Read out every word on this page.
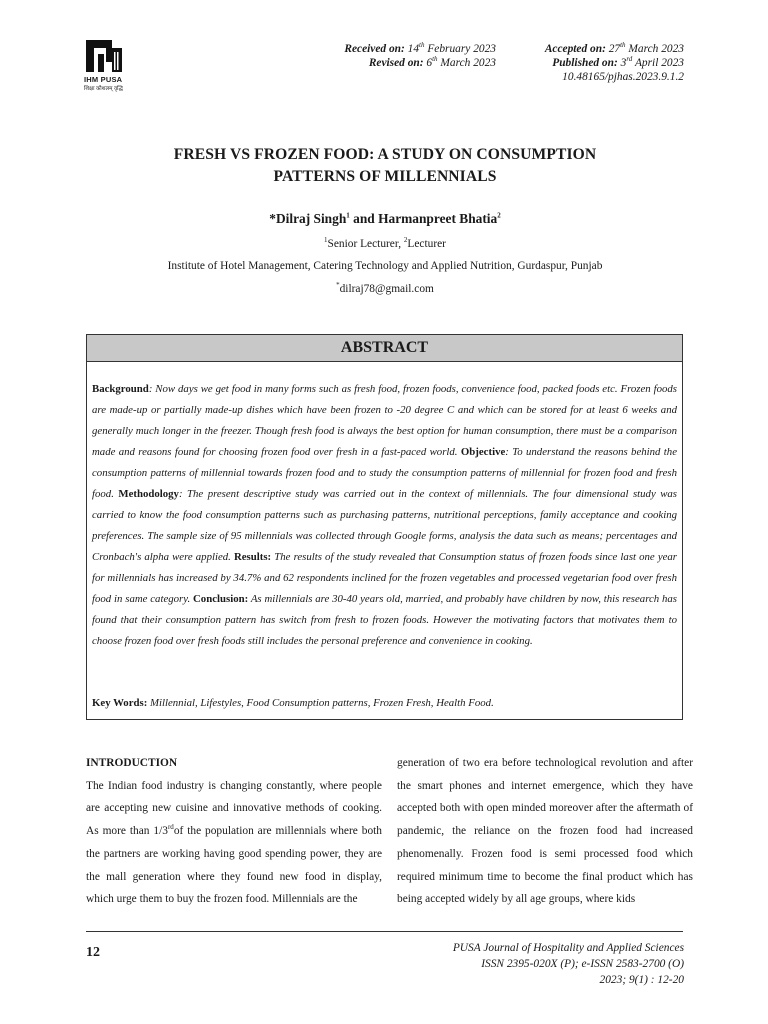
IHM PUSA
शिक्षा कौशलम् वृद्धि
Received on: 14th February 2023
Revised on: 6th March 2023
Accepted on: 27th March 2023
Published on: 3rd April 2023
10.48165/pjhas.2023.9.1.2
FRESH VS FROZEN FOOD: A STUDY ON CONSUMPTION
PATTERNS OF MILLENNIALS
*Dilraj Singh$^1$ and Harmanpreet Bhatia$^2$
$^1$Senior Lecturer, $^2$Lecturer
Institute of Hotel Management, Catering Technology and Applied Nutrition, Gurdaspur, Punjab
*dilraj78@gmail.com
ABSTRACT
Background: Now days we get food in many forms such as fresh food, frozen foods, convenience food, packed foods etc. Frozen foods are made-up or partially made-up dishes which have been frozen to -20 degree C and which can be stored for at least 6 weeks and generally much longer in the freezer. Though fresh food is always the best option for human consumption, there must be a comparison made and reasons found for choosing frozen food over fresh in a fast-paced world. Objective: To understand the reasons behind the consumption patterns of millennial towards frozen food and to study the consumption patterns of millennial for frozen food and fresh food. Methodology: The present descriptive study was carried out in the context of millennials. The four dimensional study was carried to know the food consumption patterns such as purchasing patterns, nutritional perceptions, family acceptance and cooking preferences. The sample size of 95 millennials was collected through Google forms, analysis the data such as means; percentages and Cronbach's alpha were applied. Results: The results of the study revealed that Consumption status of frozen foods since last one year for millennials has increased by 34.7% and 62 respondents inclined for the frozen vegetables and processed vegetarian food over fresh food in same category. Conclusion: As millennials are 30-40 years old, married, and probably have children by now, this research has found that their consumption pattern has switch from fresh to frozen foods. However the motivating factors that motivates them to choose frozen food over fresh foods still includes the personal preference and convenience in cooking.
Key Words: Millennial, Lifestyles, Food Consumption patterns, Frozen Fresh, Health Food.
INTRODUCTION
The Indian food industry is changing constantly, where people are accepting new cuisine and innovative methods of cooking. As more than 1/3rdof the population are millennials where both the partners are working having good spending power, they are the mall generation where they found new food in display, which urge them to buy the frozen food. Millennials are the
generation of two era before technological revolution and after the smart phones and internet emergence, which they have accepted both with open minded moreover after the aftermath of pandemic, the reliance on the frozen food had increased phenomenally. Frozen food is semi processed food which required minimum time to become the final product which has being accepted widely by all age groups, where kids
12	PUSA Journal of Hospitality and Applied Sciences
ISSN 2395-020X (P); e-ISSN 2583-2700 (O)
2023; 9(1) : 12-20
